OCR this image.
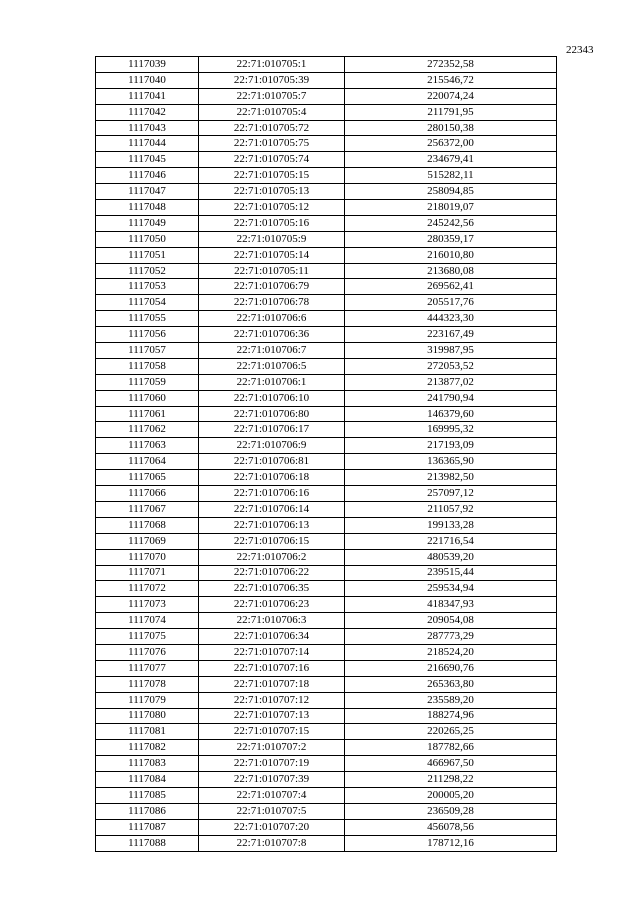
22343
1117039	22:71:010705:1	272352,58
1117040	22:71:010705:39	215546,72
1117041	22:71:010705:7	220074,24
1117042	22:71:010705:4	211791,95
1117043	22:71:010705:72	280150,38
1117044	22:71:010705:75	256372,00
1117045	22:71:010705:74	234679,41
1117046	22:71:010705:15	515282,11
1117047	22:71:010705:13	258094,85
1117048	22:71:010705:12	218019,07
1117049	22:71:010705:16	245242,56
1117050	22:71:010705:9	280359,17
1117051	22:71:010705:14	216010,80
1117052	22:71:010705:11	213680,08
1117053	22:71:010706:79	269562,41
1117054	22:71:010706:78	205517,76
1117055	22:71:010706:6	444323,30
1117056	22:71:010706:36	223167,49
1117057	22:71:010706:7	319987,95
1117058	22:71:010706:5	272053,52
1117059	22:71:010706:1	213877,02
1117060	22:71:010706:10	241790,94
1117061	22:71:010706:80	146379,60
1117062	22:71:010706:17	169995,32
1117063	22:71:010706:9	217193,09
1117064	22:71:010706:81	136365,90
1117065	22:71:010706:18	213982,50
1117066	22:71:010706:16	257097,12
1117067	22:71:010706:14	211057,92
1117068	22:71:010706:13	199133,28
1117069	22:71:010706:15	221716,54
1117070	22:71:010706:2	480539,20
1117071	22:71:010706:22	239515,44
1117072	22:71:010706:35	259534,94
1117073	22:71:010706:23	418347,93
1117074	22:71:010706:3	209054,08
1117075	22:71:010706:34	287773,29
1117076	22:71:010707:14	218524,20
1117077	22:71:010707:16	216690,76
1117078	22:71:010707:18	265363,80
1117079	22:71:010707:12	235589,20
1117080	22:71:010707:13	188274,96
1117081	22:71:010707:15	220265,25
1117082	22:71:010707:2	187782,66
1117083	22:71:010707:19	466967,50
1117084	22:71:010707:39	211298,22
1117085	22:71:010707:4	200005,20
1117086	22:71:010707:5	236509,28
1117087	22:71:010707:20	456078,56
1117088	22:71:010707:8	178712,16
